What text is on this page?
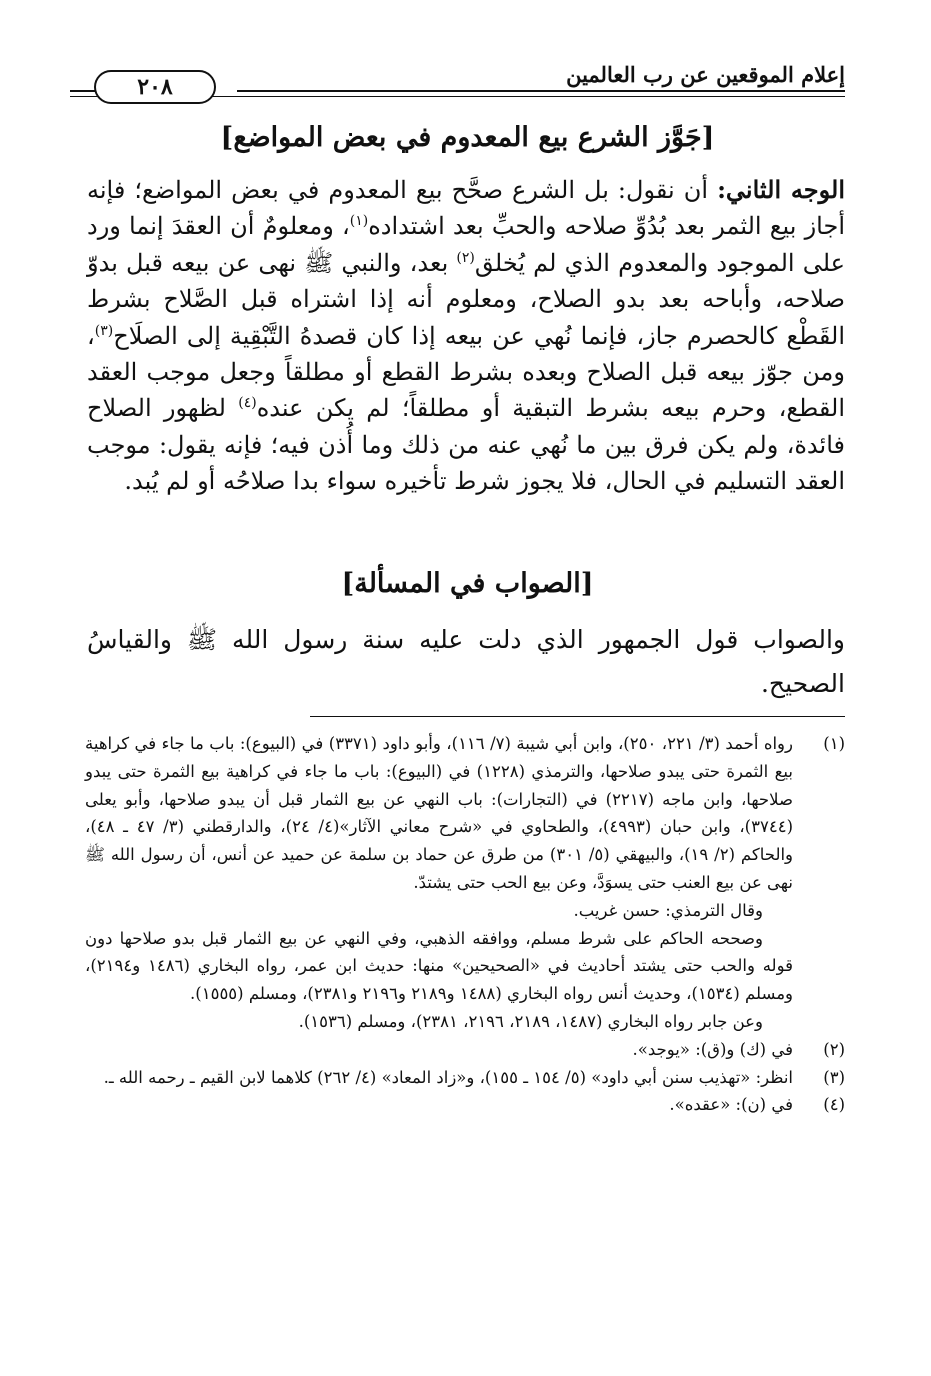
إعلام الموقعين عن رب العالمين
٢٠٨
[جَوَّز الشرع بيع المعدوم في بعض المواضع]
الوجه الثاني: أن نقول: بل الشرع صحَّح بيع المعدوم في بعض المواضع؛ فإنه أجاز بيع الثمر بعد بُدُوِّ صلاحه والحبِّ بعد اشتداده$^{(١)}$، ومعلومٌ أن العقدَ إنما ورد على الموجود والمعدوم الذي لم يُخلق$^{(٢)}$ بعد، والنبي ﷺ نهى عن بيعه قبل بدوّ صلاحه، وأباحه بعد بدو الصلاح، ومعلوم أنه إذا اشتراه قبل الصَّلاح بشرط القَطْع كالحصرم جاز، فإنما نُهي عن بيعه إذا كان قصدهُ التَّبْقِية إلى الصلَاح$^{(٣)}$، ومن جوّز بيعه قبل الصلاح وبعده بشرط القطع أو مطلقاً وجعل موجب العقد القطع، وحرم بيعه بشرط التبقية أو مطلقاً؛ لم يكن عنده$^{(٤)}$ لظهور الصلاح فائدة، ولم يكن فرق بين ما نُهي عنه من ذلك وما أُذن فيه؛ فإنه يقول: موجب العقد التسليم في الحال، فلا يجوز شرط تأخيره سواء بدا صلاحُه أو لم يُبد.
[الصواب في المسألة]
والصواب قول الجمهور الذي دلت عليه سنة رسول الله ﷺ والقياسُ الصحيح.
(١)
رواه أحمد (٣/ ٢٢١، ٢٥٠)، وابن أبي شيبة (٧/ ١١٦)، وأبو داود (٣٣٧١) في (البيوع): باب ما جاء في كراهية بيع الثمرة حتى يبدو صلاحها، والترمذي (١٢٢٨) في (البيوع): باب ما جاء في كراهية بيع الثمرة حتى يبدو صلاحها، وابن ماجه (٢٢١٧) في (التجارات): باب النهي عن بيع الثمار قبل أن يبدو صلاحها، وأبو يعلى (٣٧٤٤)، وابن حبان (٤٩٩٣)، والطحاوي في «شرح معاني الآثار»(٤/ ٢٤)، والدارقطني (٣/ ٤٧ ـ ٤٨)، والحاكم (٢/ ١٩)، والبيهقي (٥/ ٣٠١) من طرق عن حماد بن سلمة عن حميد عن أنس، أن رسول الله ﷺ نهى عن بيع العنب حتى يسوَدَّ، وعن بيع الحب حتى يشتدّ.
وقال الترمذي: حسن غريب.
وصححه الحاكم على شرط مسلم، ووافقه الذهبي، وفي النهي عن بيع الثمار قبل بدو صلاحها دون قوله والحب حتى يشتد أحاديث في «الصحيحين» منها: حديث ابن عمر، رواه البخاري (١٤٨٦ و٢١٩٤)، ومسلم (١٥٣٤)، وحديث أنس رواه البخاري (١٤٨٨ و٢١٨٩ و٢١٩٦ و٢٣٨١)، ومسلم (١٥٥٥).
وعن جابر رواه البخاري (١٤٨٧، ٢١٨٩، ٢١٩٦، ٢٣٨١)، ومسلم (١٥٣٦).
(٢)
في (ك) و(ق): «يوجد».
(٣)
انظر: «تهذيب سنن أبي داود» (٥/ ١٥٤ ـ ١٥٥)، و«زاد المعاد» (٤/ ٢٦٢) كلاهما لابن القيم ـ رحمه الله ـ.
(٤)
في (ن): «عقده».
